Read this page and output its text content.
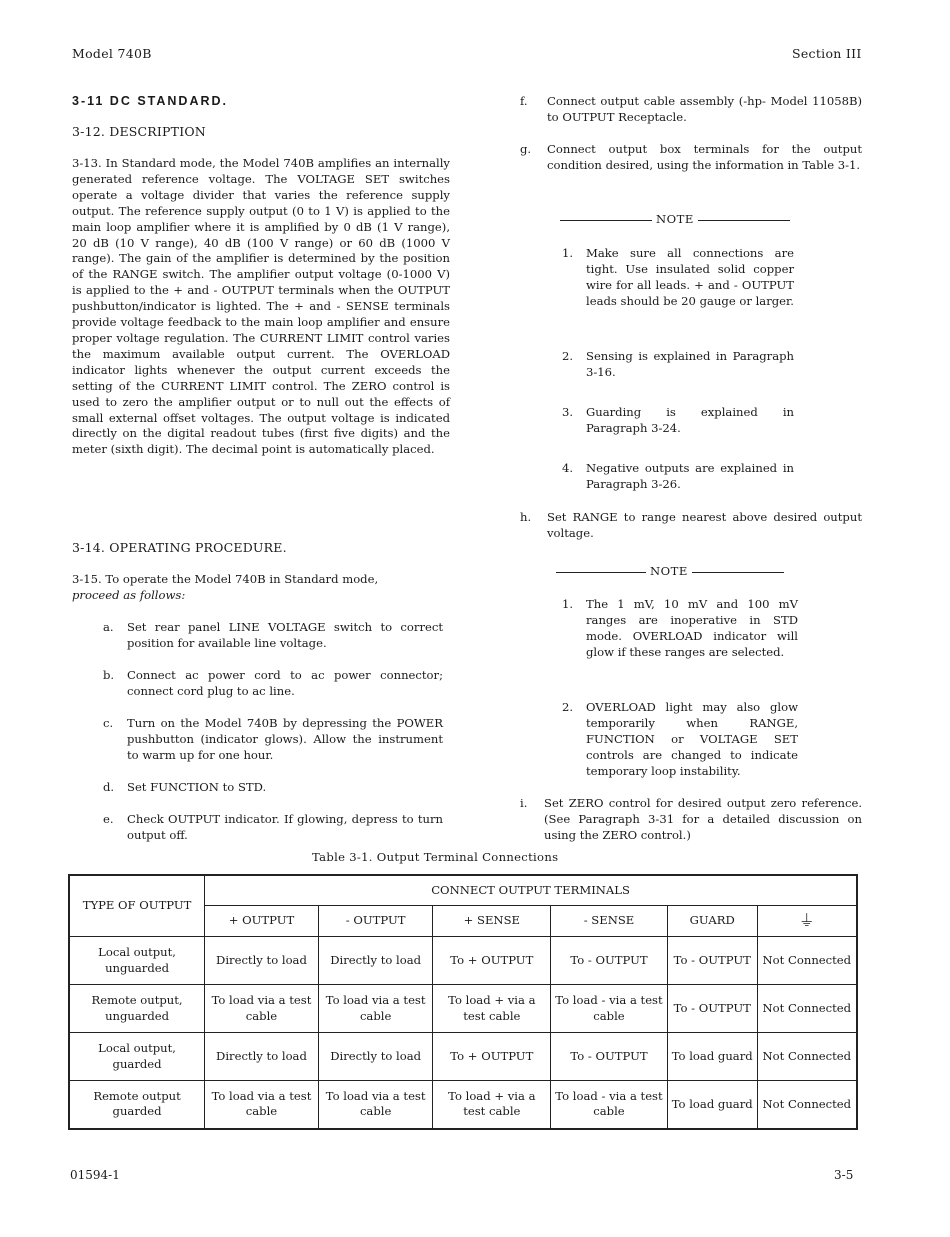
Model 740B	Section III
3-11 DC STANDARD.
3-12. DESCRIPTION
3-13. In Standard mode, the Model 740B amplifies an internally generated reference voltage. The VOLTAGE SET switches operate a voltage divider that varies the reference supply output. The reference supply output (0 to 1 V) is applied to the main loop amplifier where it is amplified by 0 dB (1 V range), 20 dB (10 V range), 40 dB (100 V range) or 60 dB (1000 V range). The gain of the amplifier is determined by the position of the RANGE switch. The amplifier output voltage (0-1000 V) is applied to the + and - OUTPUT terminals when the OUTPUT pushbutton/indicator is lighted. The + and - SENSE terminals provide voltage feedback to the main loop amplifier and ensure proper voltage regulation. The CURRENT LIMIT control varies the maximum available output current. The OVERLOAD indicator lights whenever the output current exceeds the setting of the CURRENT LIMIT control. The ZERO control is used to zero the amplifier output or to null out the effects of small external offset voltages. The output voltage is indicated directly on the digital readout tubes (first five digits) and the meter (sixth digit). The decimal point is automatically placed.
3-14. OPERATING PROCEDURE.
3-15. To operate the Model 740B in Standard mode,
proceed as follows:
a. Set rear panel LINE VOLTAGE switch to correct position for available line voltage.
b. Connect ac power cord to ac power connector; connect cord plug to ac line.
c. Turn on the Model 740B by depressing the POWER pushbutton (indicator glows). Allow the instrument to warm up for one hour.
d. Set FUNCTION to STD.
e. Check OUTPUT indicator. If glowing, depress to turn output off.
f. Connect output cable assembly (-hp- Model 11058B) to OUTPUT Receptacle.
g. Connect output box terminals for the output condition desired, using the information in Table 3-1.
NOTE
1. Make sure all connections are tight. Use insulated solid copper wire for all leads. + and - OUTPUT leads should be 20 gauge or larger.
2. Sensing is explained in Paragraph 3-16.
3. Guarding is explained in Paragraph 3-24.
4. Negative outputs are explained in Paragraph 3-26.
h. Set RANGE to range nearest above desired output voltage.
NOTE
1. The 1 mV, 10 mV and 100 mV ranges are inoperative in STD mode. OVERLOAD indicator will glow if these ranges are selected.
2. OVERLOAD light may also glow temporarily when RANGE, FUNCTION or VOLTAGE SET controls are changed to indicate temporary loop instability.
i. Set ZERO control for desired output zero reference. (See Paragraph 3-31 for a detailed discussion on using the ZERO control.)
Table 3-1. Output Terminal Connections
TYPE OF OUTPUT	CONNECT OUTPUT TERMINALS					
	+ OUTPUT	- OUTPUT	+ SENSE	- SENSE	GUARD	⏚
Local output, unguarded	Directly to load	Directly to load	To + OUTPUT	To - OUTPUT	To - OUTPUT	Not Connected
Remote output, unguarded	To load via a test cable	To load via a test cable	To load + via a test cable	To load - via a test cable	To - OUTPUT	Not Connected
Local output, guarded	Directly to load	Directly to load	To + OUTPUT	To - OUTPUT	To load guard	Not Connected
Remote output guarded	To load via a test cable	To load via a test cable	To load + via a test cable	To load - via a test cable	To load guard	Not Connected
01594-1	3-5
